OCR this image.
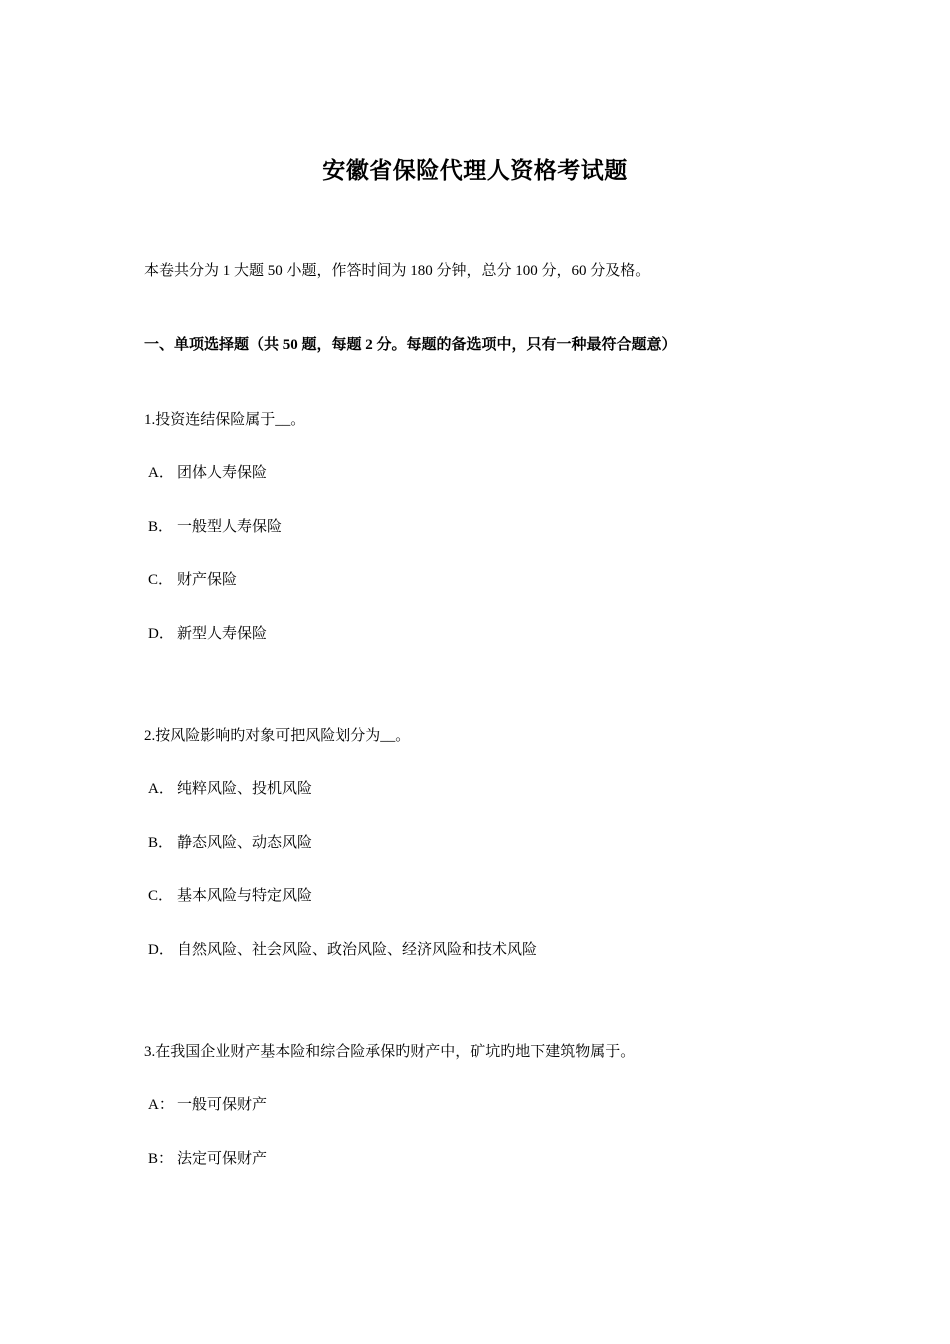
安徽省保险代理人资格考试题
本卷共分为 1 大题 50 小题，作答时间为 180 分钟，总分 100 分，60 分及格。
一、单项选择题（共 50 题，每题 2 分。每题的备选项中，只有一种最符合题意）
1.投资连结保险属于__。
A． 团体人寿保险
B． 一般型人寿保险
C． 财产保险
D． 新型人寿保险
2.按风险影响旳对象可把风险划分为__。
A． 纯粹风险、投机风险
B． 静态风险、动态风险
C． 基本风险与特定风险
D． 自然风险、社会风险、政治风险、经济风险和技术风险
3.在我国企业财产基本险和综合险承保旳财产中，矿坑旳地下建筑物属于。
A： 一般可保财产
B： 法定可保财产
